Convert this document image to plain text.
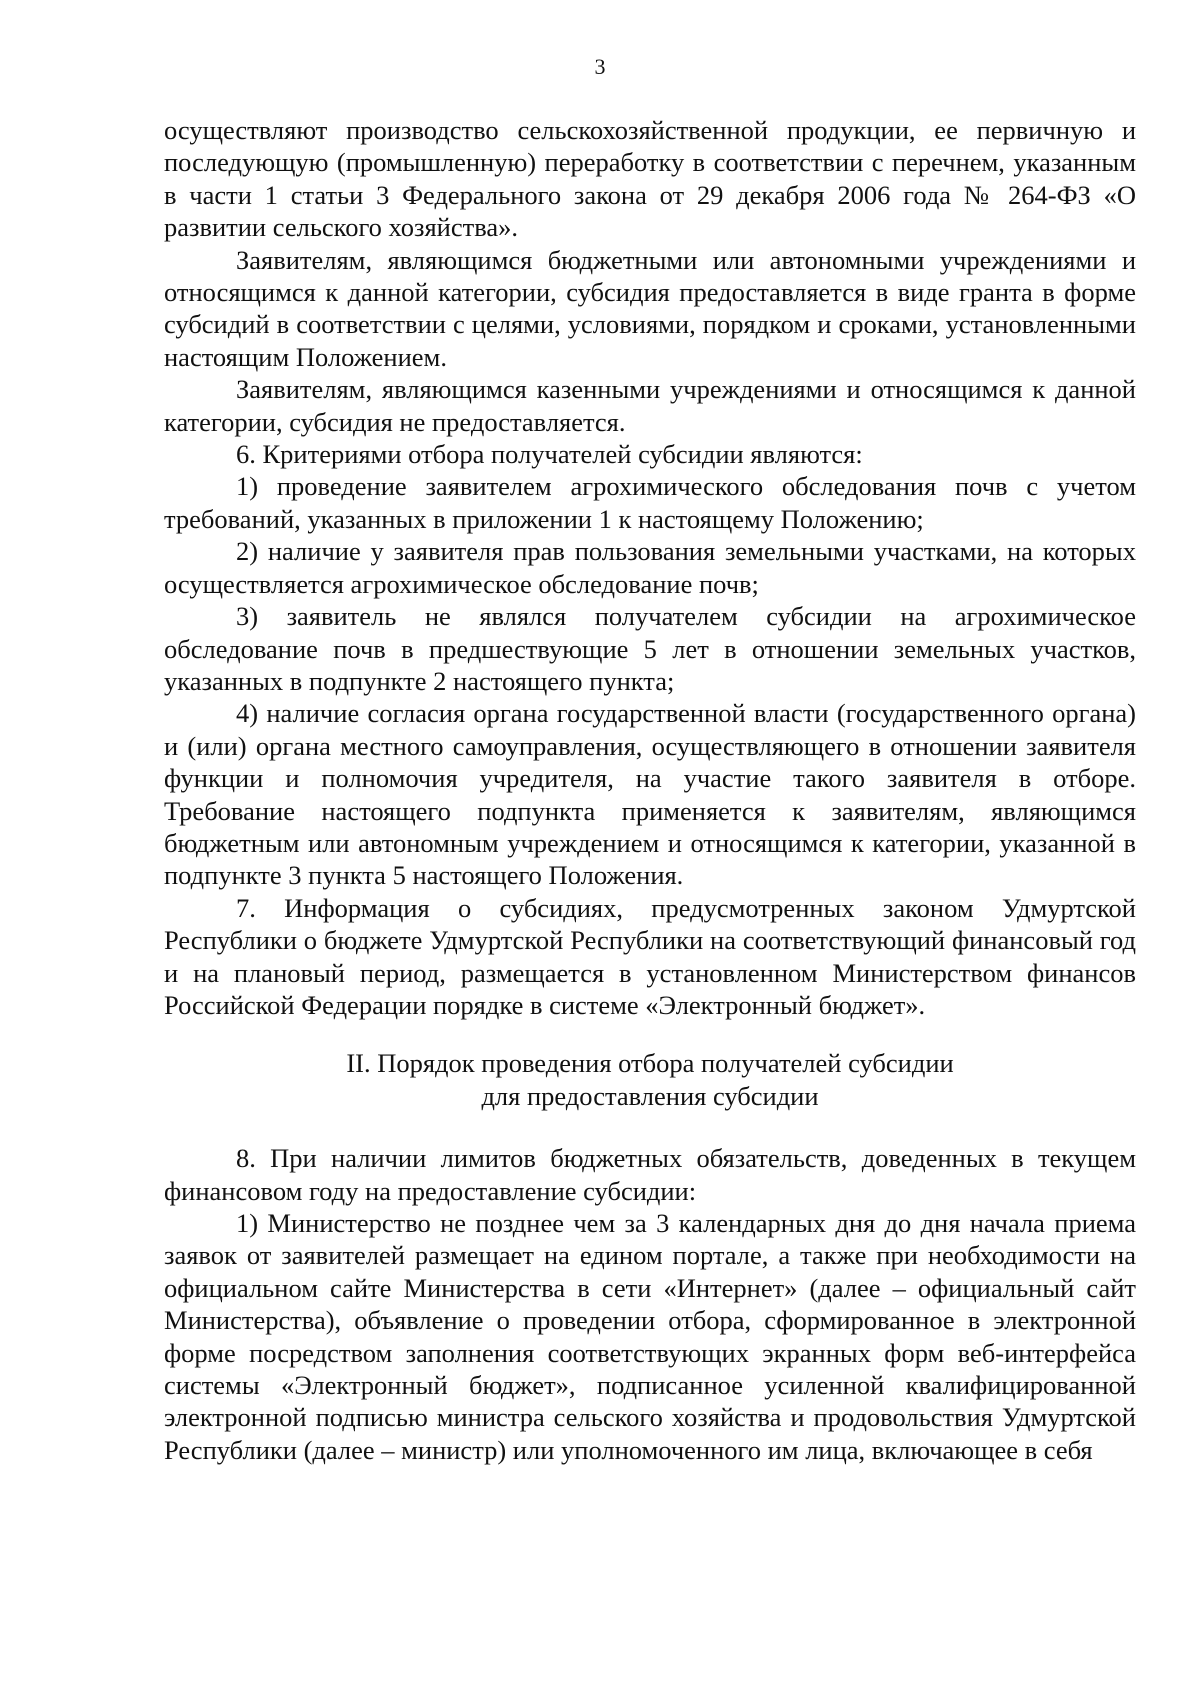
3

осуществляют производство сельскохозяйственной продукции, ее первичную и последующую (промышленную) переработку в соответствии с перечнем, указанным в части 1 статьи 3 Федерального закона от 29 декабря 2006 года № 264-ФЗ «О развитии сельского хозяйства».

Заявителям, являющимся бюджетными или автономными учреждениями и относящимся к данной категории, субсидия предоставляется в виде гранта в форме субсидий в соответствии с целями, условиями, порядком и сроками, установленными настоящим Положением.

Заявителям, являющимся казенными учреждениями и относящимся к данной категории, субсидия не предоставляется.

6. Критериями отбора получателей субсидии являются:

1) проведение заявителем агрохимического обследования почв с учетом требований, указанных в приложении 1 к настоящему Положению;

2) наличие у заявителя прав пользования земельными участками, на которых осуществляется агрохимическое обследование почв;

3) заявитель не являлся получателем субсидии на агрохимическое обследование почв в предшествующие 5 лет в отношении земельных участков, указанных в подпункте 2 настоящего пункта;

4) наличие согласия органа государственной власти (государственного органа) и (или) органа местного самоуправления, осуществляющего в отношении заявителя функции и полномочия учредителя, на участие такого заявителя в отборе. Требование настоящего подпункта применяется к заявителям, являющимся бюджетным или автономным учреждением и относящимся к категории, указанной в подпункте 3 пункта 5 настоящего Положения.

7. Информация о субсидиях, предусмотренных законом Удмуртской Республики о бюджете Удмуртской Республики на соответствующий финансовый год и на плановый период, размещается в установленном Министерством финансов Российской Федерации порядке в системе «Электронный бюджет».

II. Порядок проведения отбора получателей субсидии
для предоставления субсидии

8. При наличии лимитов бюджетных обязательств, доведенных в текущем финансовом году на предоставление субсидии:

1) Министерство не позднее чем за 3 календарных дня до дня начала приема заявок от заявителей размещает на едином портале, а также при необходимости на официальном сайте Министерства в сети «Интернет» (далее – официальный сайт Министерства), объявление о проведении отбора, сформированное в электронной форме посредством заполнения соответствующих экранных форм веб-интерфейса системы «Электронный бюджет», подписанное усиленной квалифицированной электронной подписью министра сельского хозяйства и продовольствия Удмуртской Республики (далее – министр) или уполномоченного им лица, включающее в себя
